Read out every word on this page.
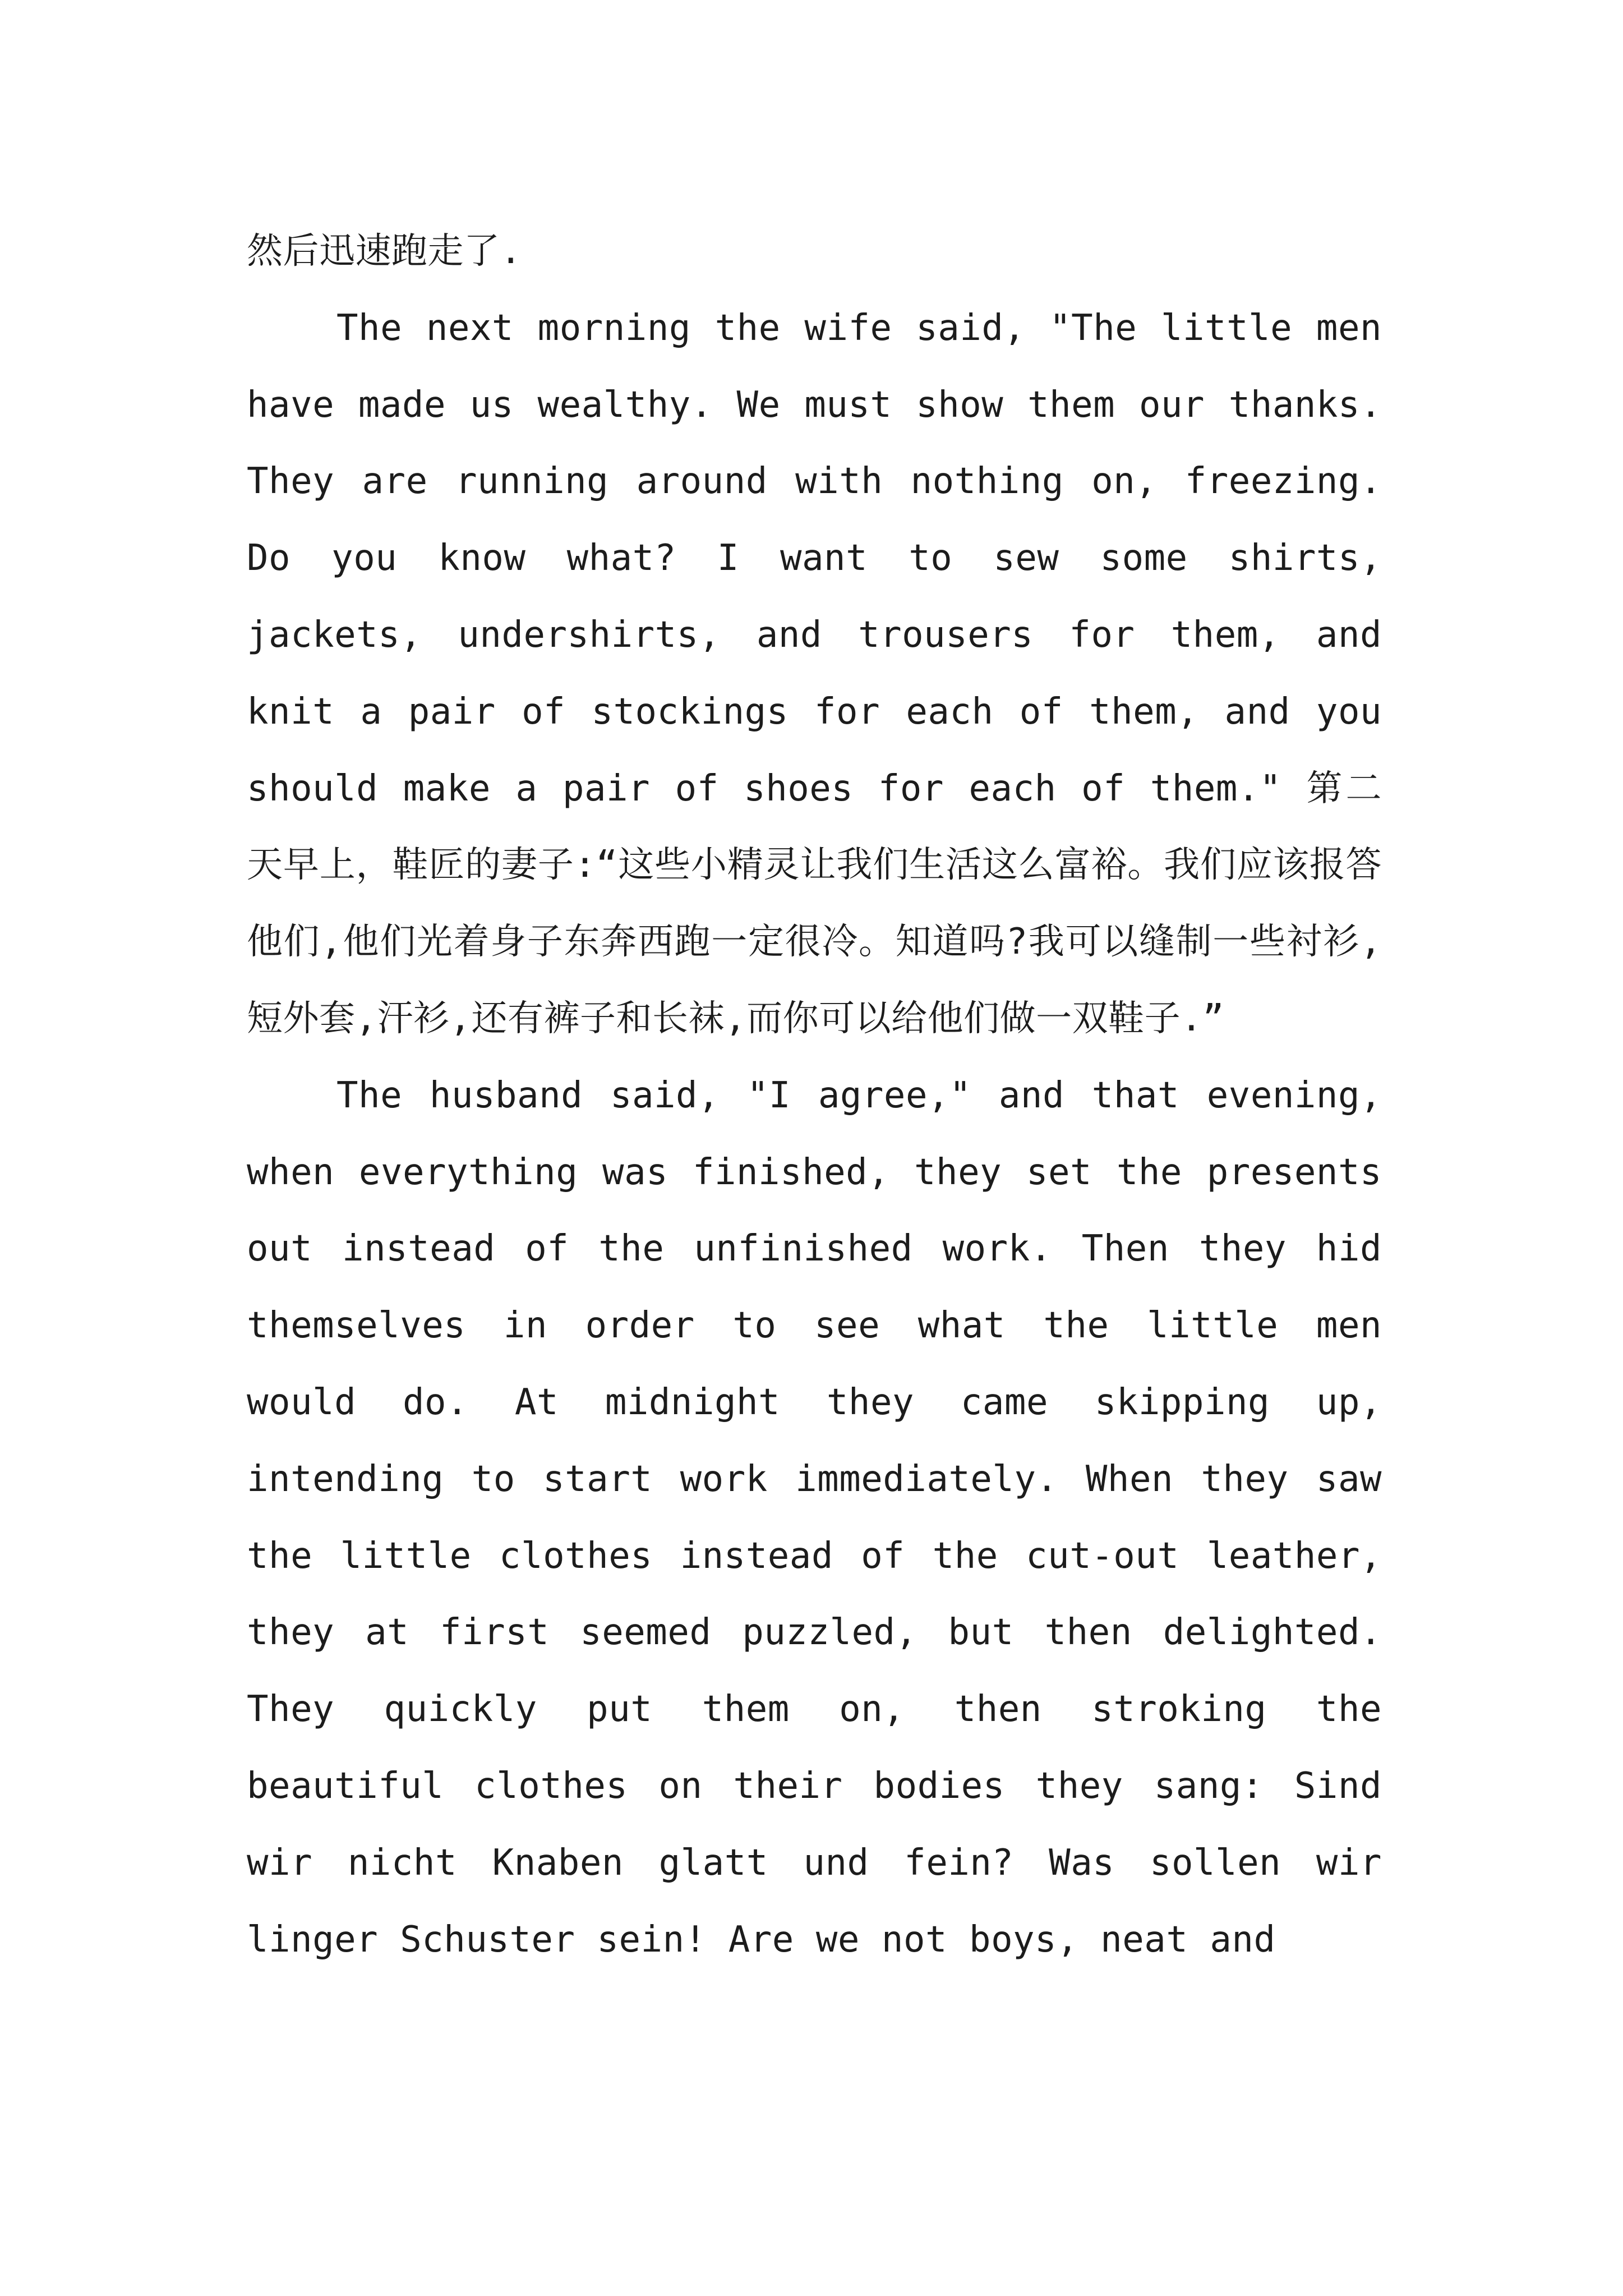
然后迅速跑走了.

The next morning the wife said, "The little men have made us wealthy. We must show them our thanks. They are running around with nothing on, freezing. Do you know what? I want to sew some shirts, jackets, undershirts, and trousers for them, and knit a pair of stockings for each of them, and you should make a pair of shoes for each of them." 第二天早上，鞋匠的妻子:“这些小精灵让我们生活这么富裕。我们应该报答他们,他们光着身子东奔西跑一定很冷。知道吗?我可以缝制一些衬衫,短外套,汗衫,还有裤子和长袜,而你可以给他们做一双鞋子.”

The husband said, "I agree," and that evening, when everything was finished, they set the presents out instead of the unfinished work. Then they hid themselves in order to see what the little men would do. At midnight they came skipping up, intending to start work immediately. When they saw the little clothes instead of the cut-out leather, they at first seemed puzzled, but then delighted. They quickly put them on, then stroking the beautiful clothes on their bodies they sang: Sind wir nicht Knaben glatt und fein? Was sollen wir linger Schuster sein! Are we not boys, neat and
